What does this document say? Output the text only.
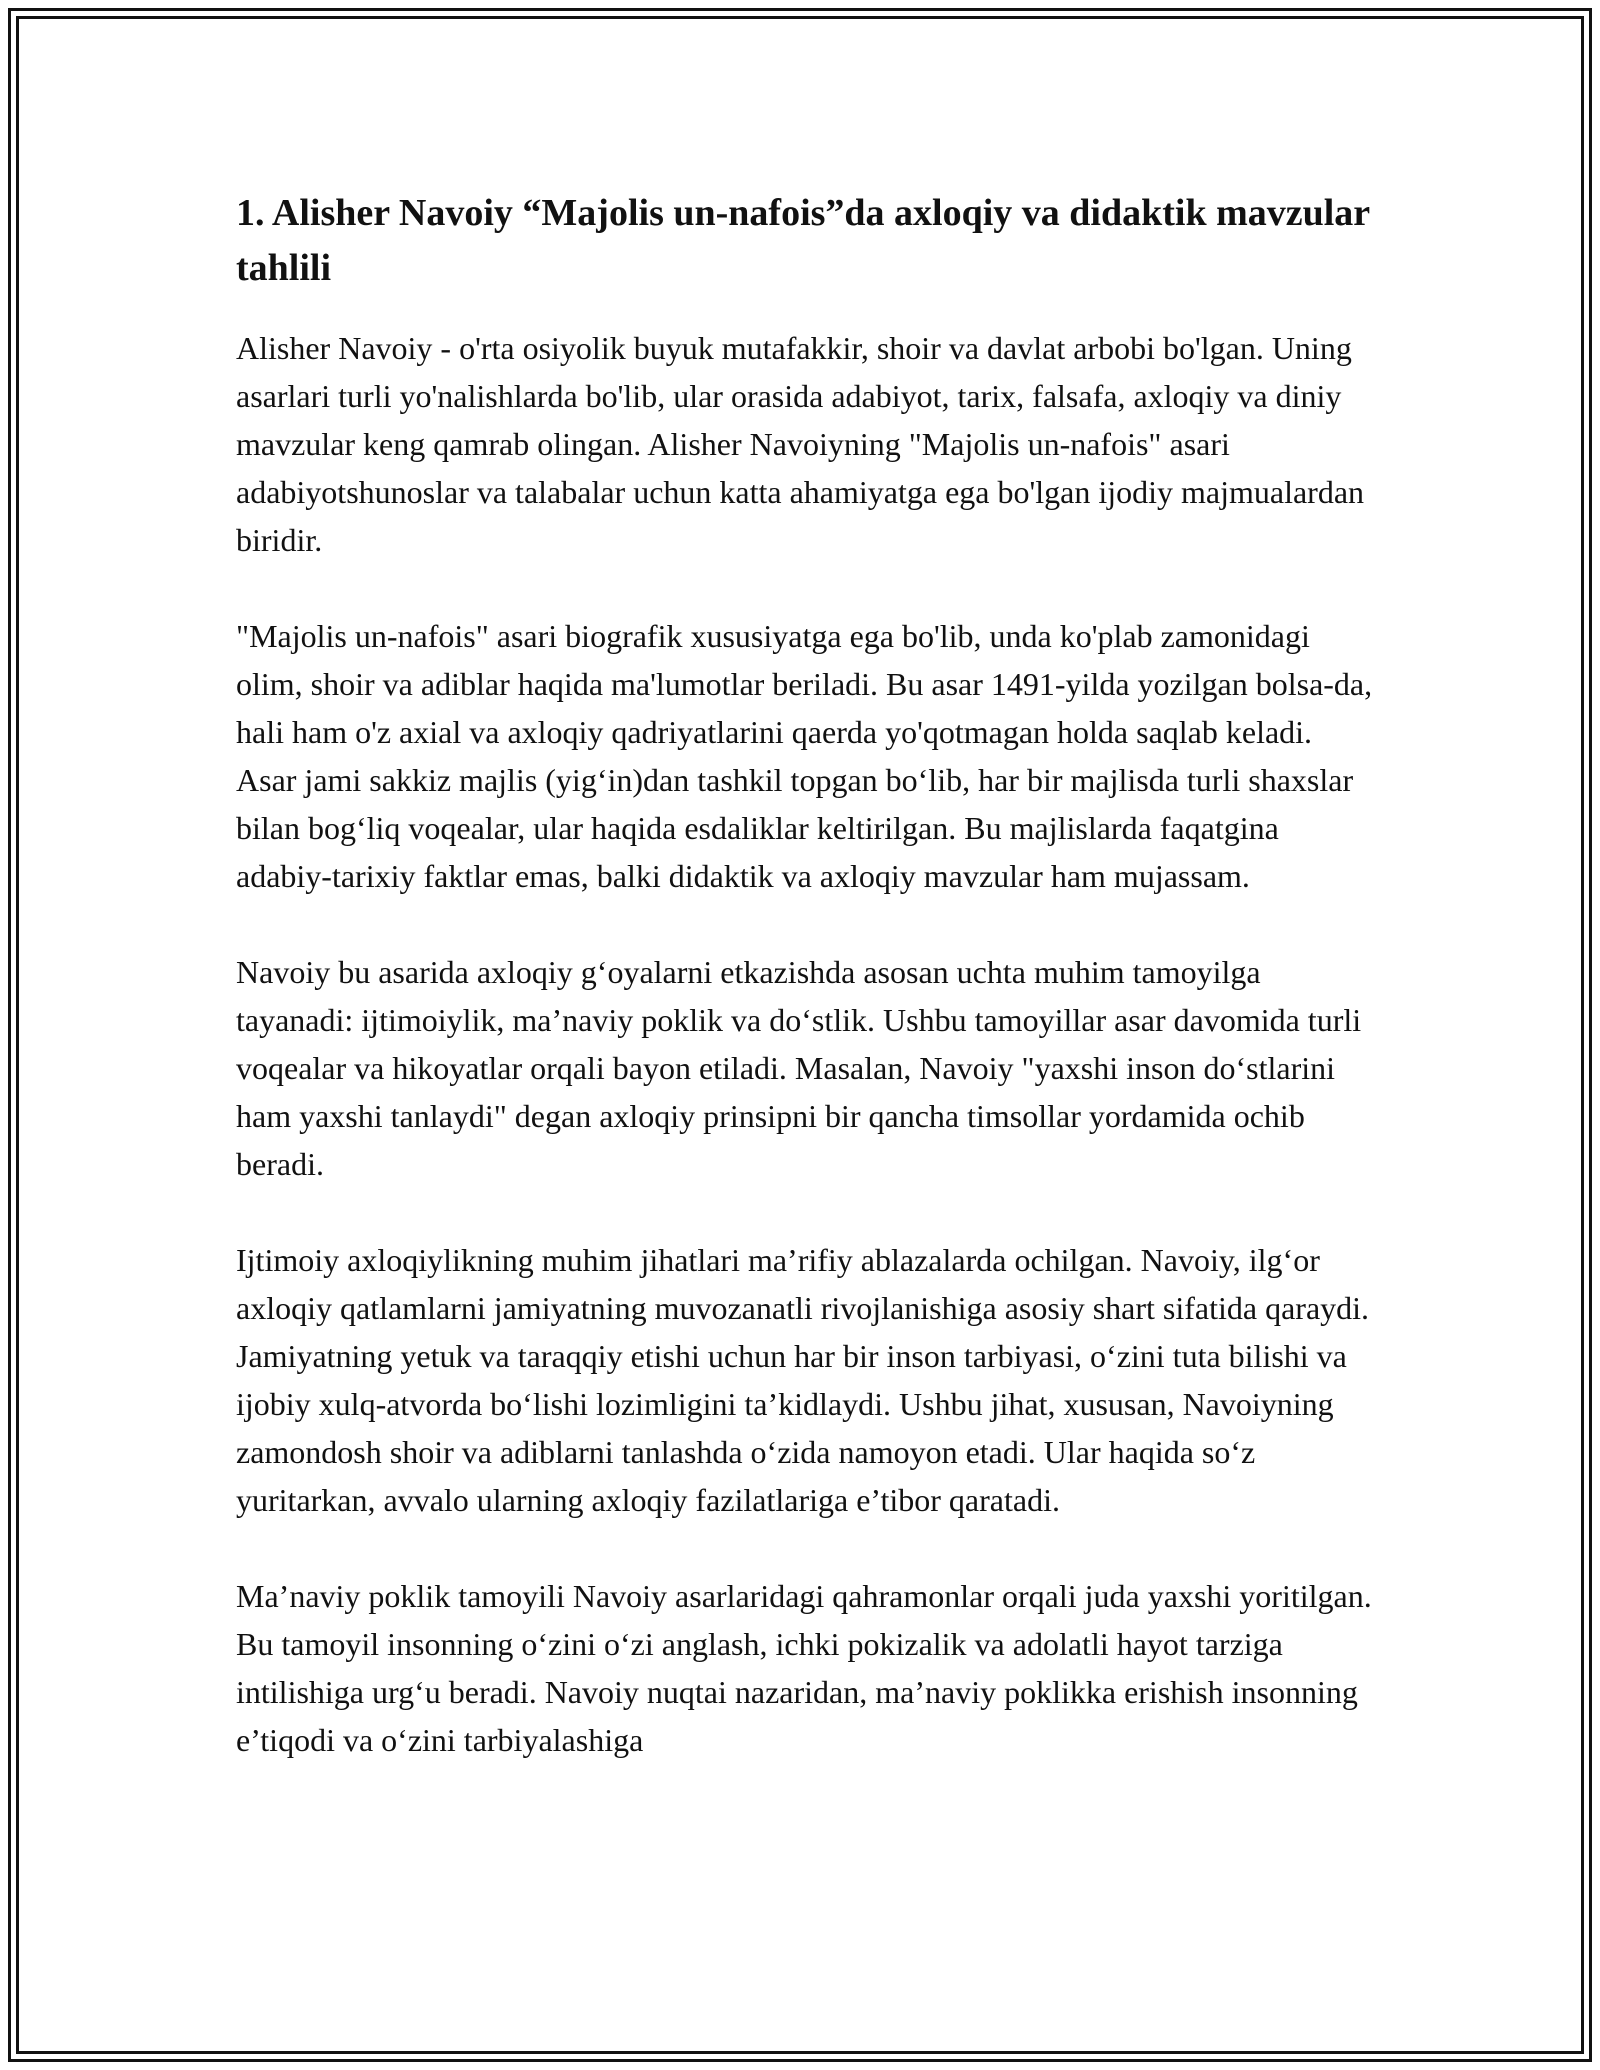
1. Alisher Navoiy “Majolis un-nafois”da axloqiy va didaktik mavzular tahlili

Alisher Navoiy - o'rta osiyolik buyuk mutafakkir, shoir va davlat arbobi bo'lgan. Uning asarlari turli yo'nalishlarda bo'lib, ular orasida adabiyot, tarix, falsafa, axloqiy va diniy mavzular keng qamrab olingan. Alisher Navoiyning "Majolis un-nafois" asari adabiyotshunoslar va talabalar uchun katta ahamiyatga ega bo'lgan ijodiy majmualardan biridir.

"Majolis un-nafois" asari biografik xususiyatga ega bo'lib, unda ko'plab zamonidagi olim, shoir va adiblar haqida ma'lumotlar beriladi. Bu asar 1491-yilda yozilgan bolsa-da, hali ham o'z axial va axloqiy qadriyatlarini qaerda yo'qotmagan holda saqlab keladi. Asar jami sakkiz majlis (yig‘in)dan tashkil topgan bo‘lib, har bir majlisda turli shaxslar bilan bog‘liq voqealar, ular haqida esdaliklar keltirilgan. Bu majlislarda faqatgina adabiy-tarixiy faktlar emas, balki didaktik va axloqiy mavzular ham mujassam.

Navoiy bu asarida axloqiy g‘oyalarni etkazishda asosan uchta muhim tamoyilga tayanadi: ijtimoiylik, ma’naviy poklik va do‘stlik. Ushbu tamoyillar asar davomida turli voqealar va hikoyatlar orqali bayon etiladi. Masalan, Navoiy "yaxshi inson do‘stlarini ham yaxshi tanlaydi" degan axloqiy prinsipni bir qancha timsollar yordamida ochib beradi.

Ijtimoiy axloqiylikning muhim jihatlari ma’rifiy ablazalarda ochilgan. Navoiy, ilg‘or axloqiy qatlamlarni jamiyatning muvozanatli rivojlanishiga asosiy shart sifatida qaraydi. Jamiyatning yetuk va taraqqiy etishi uchun har bir inson tarbiyasi, o‘zini tuta bilishi va ijobiy xulq-atvorda bo‘lishi lozimligini ta’kidlaydi. Ushbu jihat, xususan, Navoiyning zamondosh shoir va adiblarni tanlashda o‘zida namoyon etadi. Ular haqida so‘z yuritarkan, avvalo ularning axloqiy fazilatlariga e’tibor qaratadi.

Ma’naviy poklik tamoyili Navoiy asarlaridagi qahramonlar orqali juda yaxshi yoritilgan. Bu tamoyil insonning o‘zini o‘zi anglash, ichki pokizalik va adolatli hayot tarziga intilishiga urg‘u beradi. Navoiy nuqtai nazaridan, ma’naviy poklikka erishish insonning e’tiqodi va o‘zini tarbiyalashiga
